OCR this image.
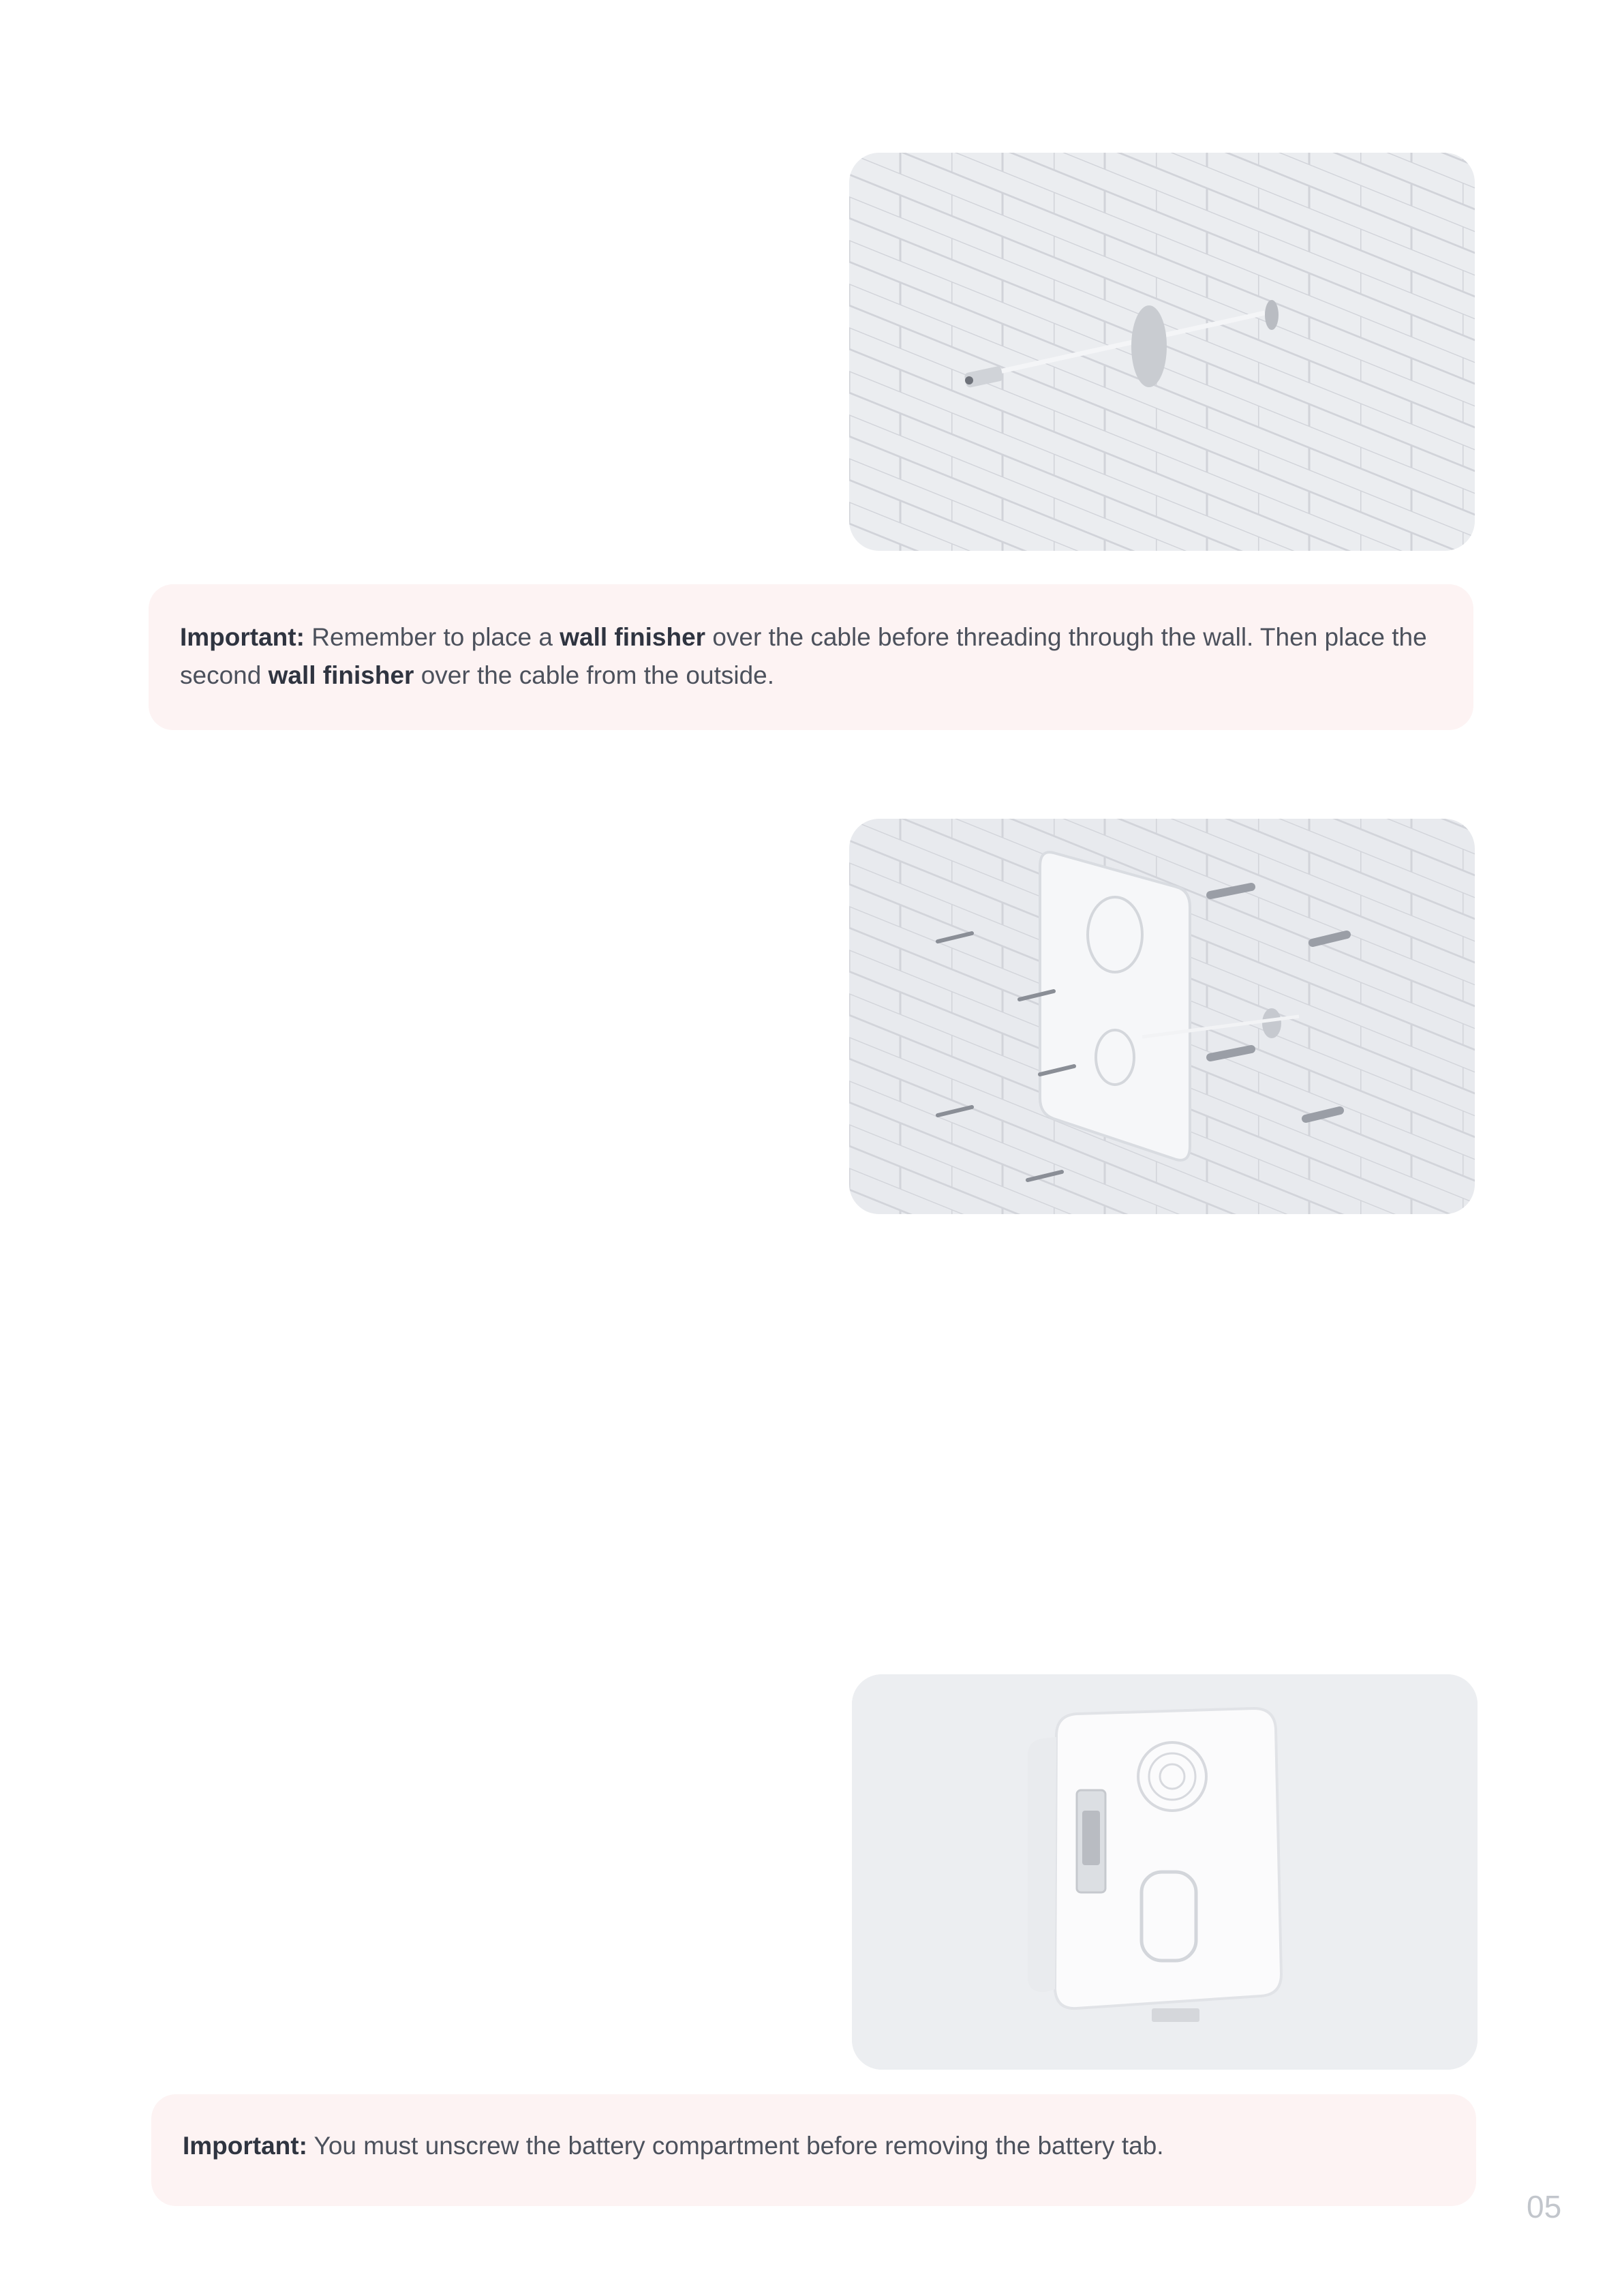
Important: Remember to place a wall finisher over the cable before threading through the wall. Then place the second wall finisher over the cable from the outside.
Important: You must unscrew the battery compartment before removing the battery tab.
05
